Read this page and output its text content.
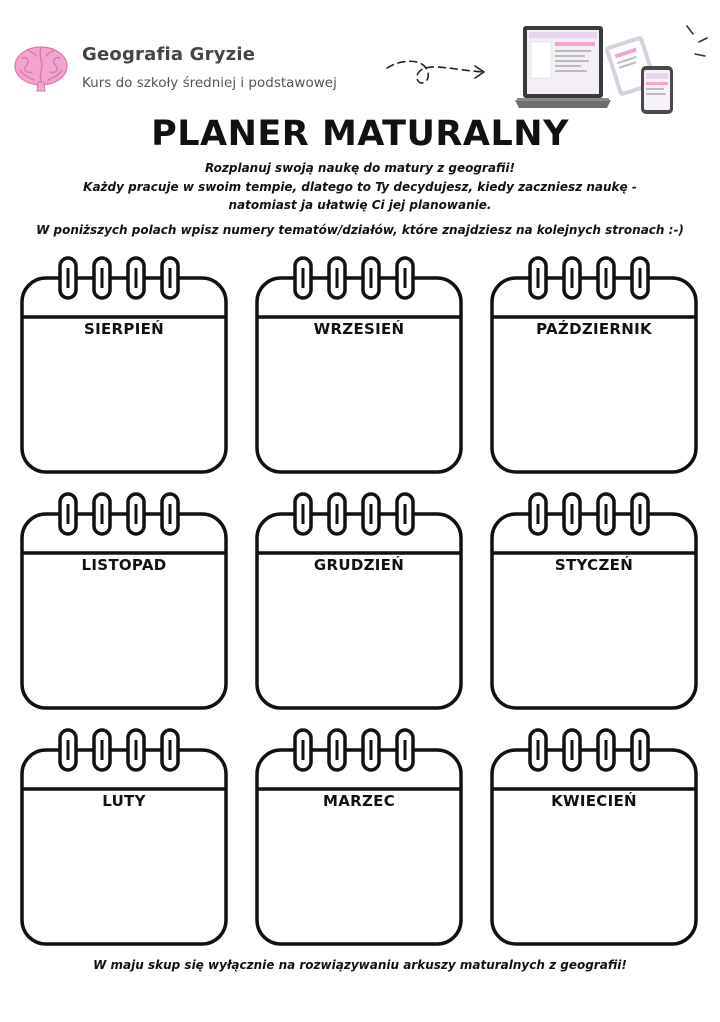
Geografia Gryzie
Kurs do szkoły średniej i podstawowej
PLANER MATURALNY
Rozplanuj swoją naukę do matury z geografii!
Każdy pracuje w swoim tempie, dlatego to Ty decydujesz, kiedy zaczniesz naukę -
natomiast ja ułatwię Ci jej planowanie.
W poniższych polach wpisz numery tematów/działów, które znajdziesz na kolejnych stronach :-)
SIERPIEŃ	WRZESIEŃ	PAŹDZIERNIK
LISTOPAD	GRUDZIEŃ	STYCZEŃ
LUTY	MARZEC	KWIECIEŃ
W maju skup się wyłącznie na rozwiązywaniu arkuszy maturalnych z geografii!
